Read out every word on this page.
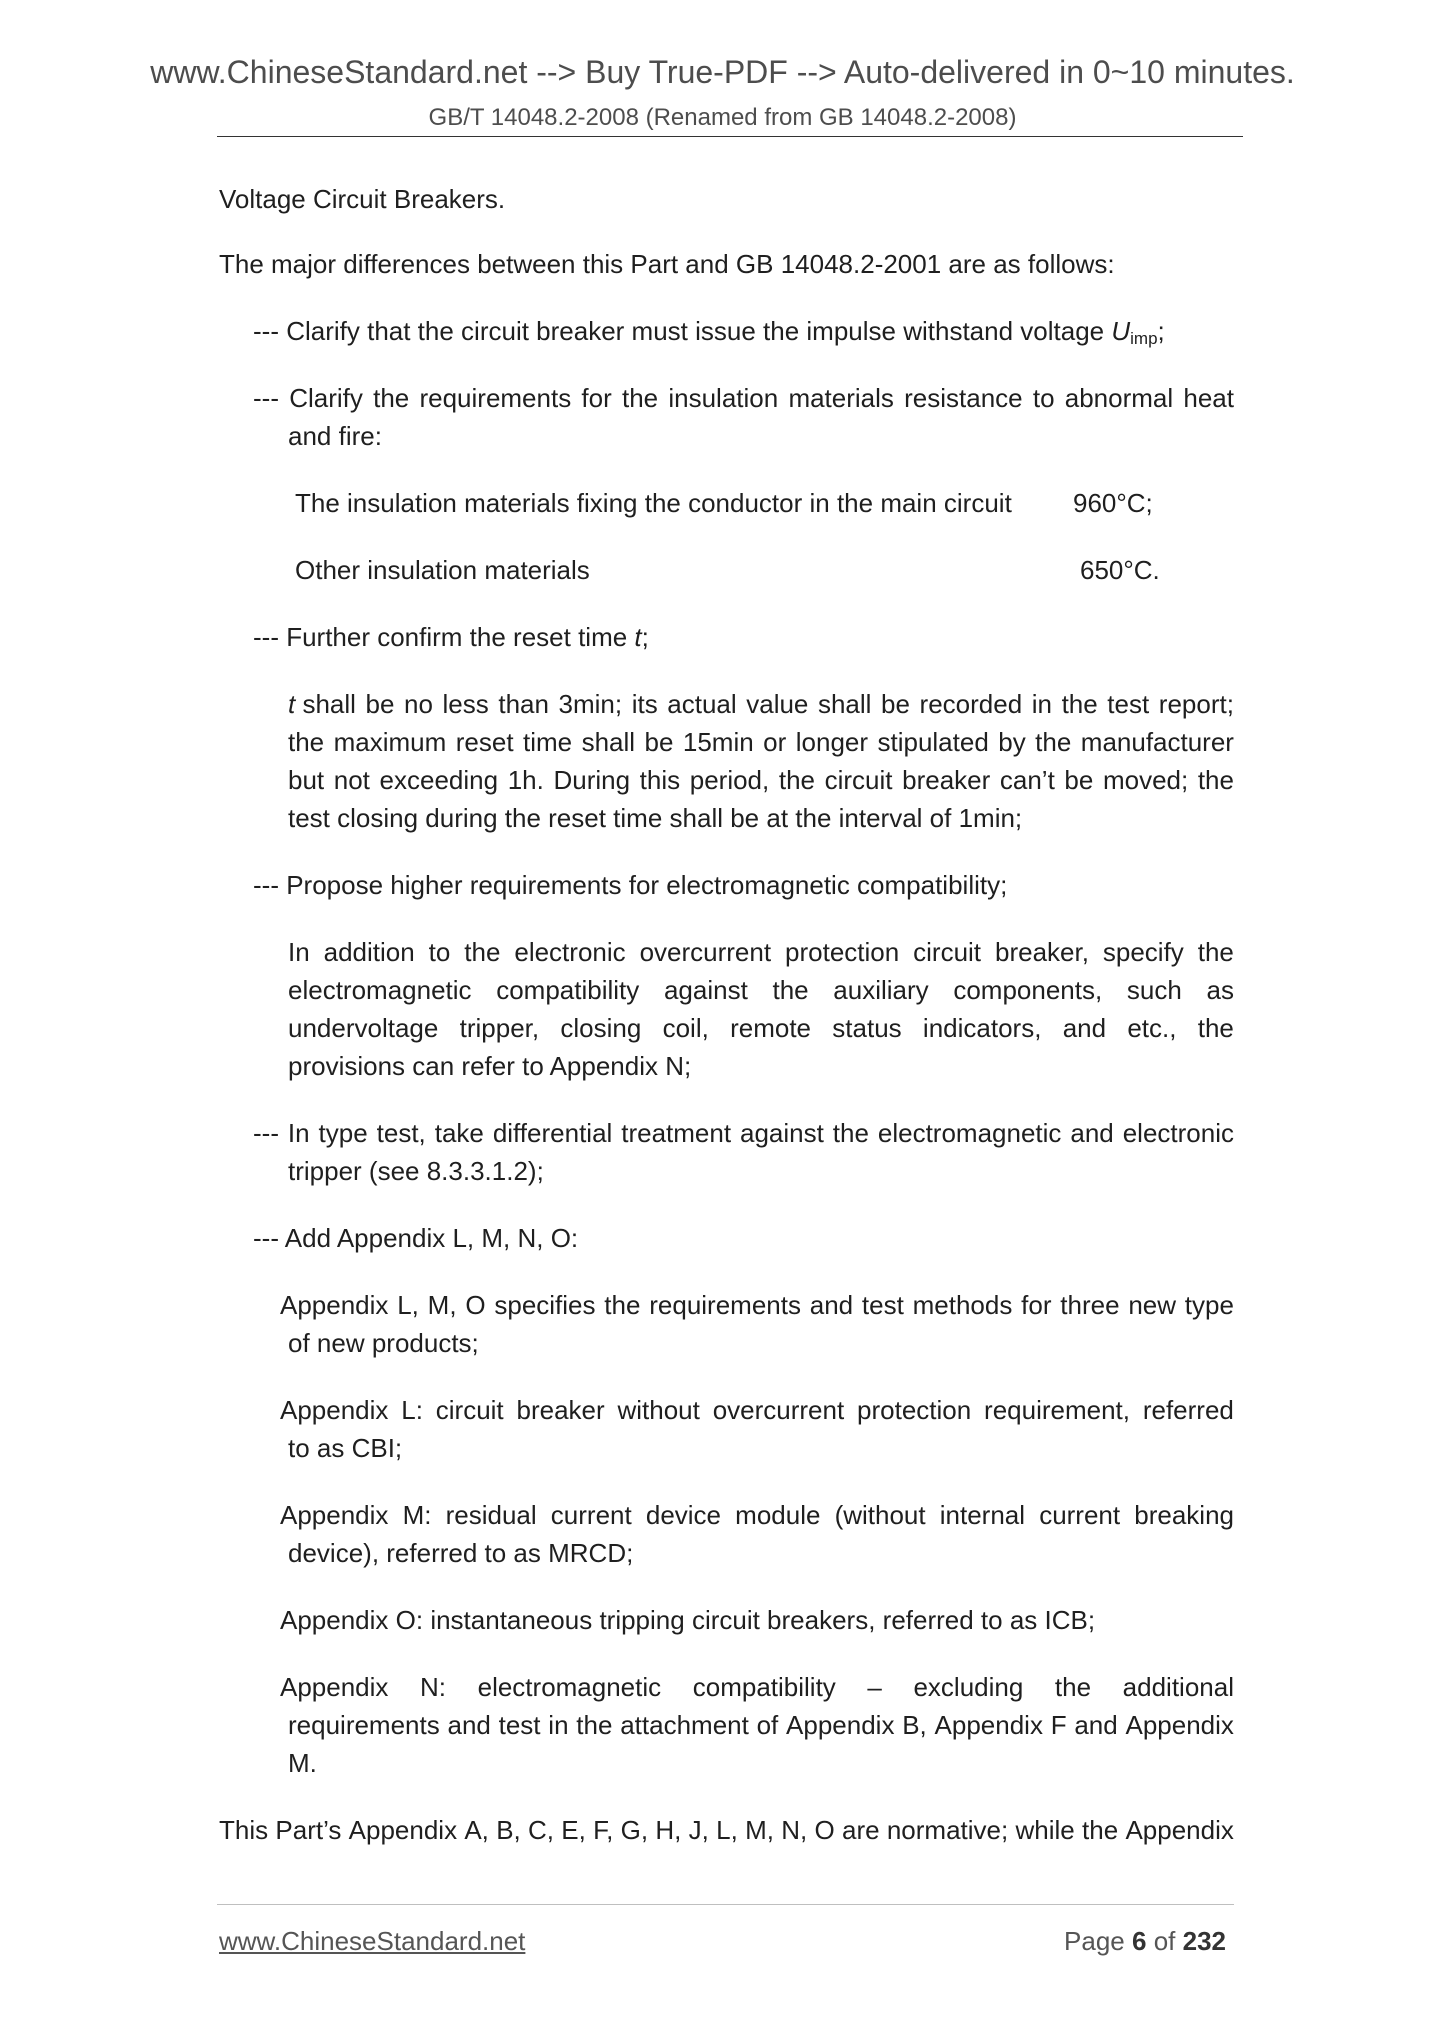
www.ChineseStandard.net --> Buy True-PDF --> Auto-delivered in 0~10 minutes.

GB/T 14048.2-2008 (Renamed from GB 14048.2-2008)

Voltage Circuit Breakers.

The major differences between this Part and GB 14048.2-2001 are as follows:

--- Clarify that the circuit breaker must issue the impulse withstand voltage $U_{imp}$;

--- Clarify the requirements for the insulation materials resistance to abnormal heat

and fire:

The insulation materials fixing the conductor in the main circuit 960°C;

Other insulation materials	650°C.

--- Further confirm the reset time t;

t shall be no less than 3min; its actual value shall be recorded in the test report;

the maximum reset time shall be 15min or longer stipulated by the manufacturer

but not exceeding 1h. During this period, the circuit breaker can’t be moved; the

test closing during the reset time shall be at the interval of 1min;

--- Propose higher requirements for electromagnetic compatibility;

In addition to the electronic overcurrent protection circuit breaker, specify the

electromagnetic compatibility against the auxiliary components, such as

undervoltage tripper, closing coil, remote status indicators, and etc., the

provisions can refer to Appendix N;

--- In type test, take differential treatment against the electromagnetic and electronic

tripper (see 8.3.3.1.2);

--- Add Appendix L, M, N, O:

Appendix L, M, O specifies the requirements and test methods for three new type

of new products;

Appendix L: circuit breaker without overcurrent protection requirement, referred

to as CBI;

Appendix M: residual current device module (without internal current breaking

device), referred to as MRCD;

Appendix O: instantaneous tripping circuit breakers, referred to as ICB;

Appendix N: electromagnetic compatibility – excluding the additional

requirements and test in the attachment of Appendix B, Appendix F and Appendix

M.

This Part’s Appendix A, B, C, E, F, G, H, J, L, M, N, O are normative; while the Appendix

www.ChineseStandard.net	Page 6 of 232
